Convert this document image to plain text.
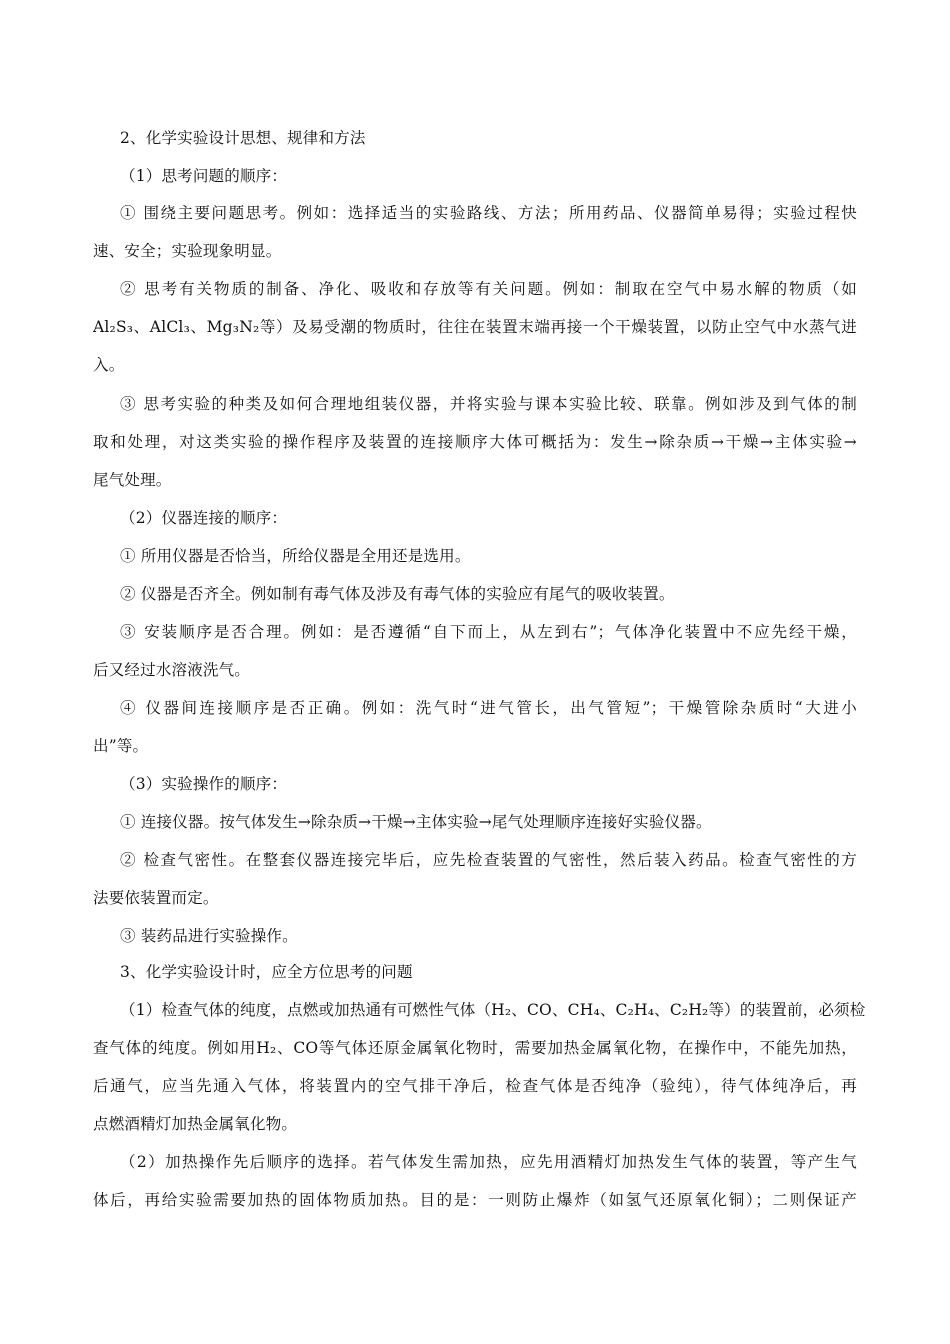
2、化学实验设计思想、规律和方法
（1）思考问题的顺序：
① 围绕主要问题思考。例如：选择适当的实验路线、方法；所用药品、仪器简单易得；实验过程快
速、安全；实验现象明显。
② 思考有关物质的制备、净化、吸收和存放等有关问题。例如：制取在空气中易水解的物质（如
Al₂S₃、AlCl₃、Mg₃N₂等）及易受潮的物质时，往往在装置末端再接一个干燥装置，以防止空气中水蒸气进
入。
③ 思考实验的种类及如何合理地组装仪器，并将实验与课本实验比较、联靠。例如涉及到气体的制
取和处理，对这类实验的操作程序及装置的连接顺序大体可概括为：发生→除杂质→干燥→主体实验→
尾气处理。
（2）仪器连接的顺序：
① 所用仪器是否恰当，所给仪器是全用还是选用。
② 仪器是否齐全。例如制有毒气体及涉及有毒气体的实验应有尾气的吸收装置。
③ 安装顺序是否合理。例如：是否遵循“自下而上，从左到右”；气体净化装置中不应先经干燥，
后又经过水溶液洗气。
④ 仪器间连接顺序是否正确。例如：洗气时“进气管长，出气管短”；干燥管除杂质时“大进小
出”等。
（3）实验操作的顺序：
① 连接仪器。按气体发生→除杂质→干燥→主体实验→尾气处理顺序连接好实验仪器。
② 检查气密性。在整套仪器连接完毕后，应先检查装置的气密性，然后装入药品。检查气密性的方
法要依装置而定。
③ 装药品进行实验操作。
3、化学实验设计时，应全方位思考的问题
（1）检查气体的纯度，点燃或加热通有可燃性气体（H₂、CO、CH₄、C₂H₄、C₂H₂等）的装置前，必须检
查气体的纯度。例如用H₂、CO等气体还原金属氧化物时，需要加热金属氧化物，在操作中，不能先加热，
后通气，应当先通入气体，将装置内的空气排干净后，检查气体是否纯净（验纯），待气体纯净后，再
点燃酒精灯加热金属氧化物。
（2）加热操作先后顺序的选择。若气体发生需加热，应先用酒精灯加热发生气体的装置，等产生气
体后，再给实验需要加热的固体物质加热。目的是：一则防止爆炸（如氢气还原氧化铜）；二则保证产
